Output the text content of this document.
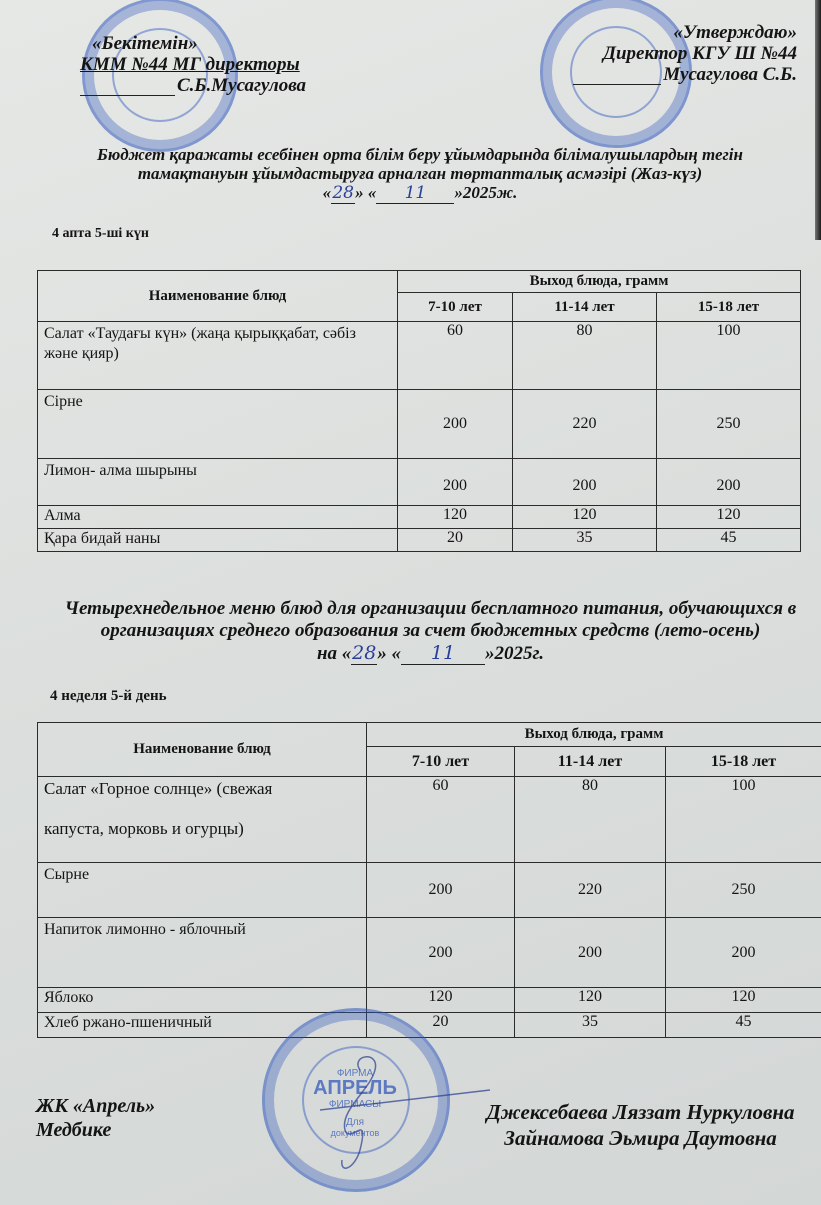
«Бекітемін»
КММ №44 МГ директоры
С.Б.Мусагулова
«Утверждаю»
Директор КГУ Ш №44
Мусагулова С.Б.
Бюджет қаражаты есебінен орта білім беру ұйымдарында білімалушылардың тегін
тамақтануын ұйымдастыруға арналған төртапталық асмәзірі (Жаз-күз)
«28» « 11 »2025ж.
4 апта 5-ші күн
Наименование блюд	Выход блюда, грамм		
	7-10 лет	11-14 лет	15-18 лет
Салат «Таудағы күн» (жаңа қырыққабат, сәбіз және қияр)	60	80	100
Сірне	200	220	250
Лимон- алма шырыны	200	200	200
Алма	120	120	120
Қара бидай наны	20	35	45
Четырехнедельное меню блюд для организации бесплатного питания, обучающихся в
организациях среднего образования за счет бюджетных средств (лето-осень)
на «28» « 11 »2025г.
4 неделя 5-й день
Наименование блюд	Выход блюда, грамм		
	7-10 лет	11-14 лет	15-18 лет

Салат «Горное солнце» (свежая
капуста, морковь и огурцы)	60	80	100
Сырне	200	220	250
Напиток лимонно - яблочный	200	200	200
Яблоко	120	120	120
Хлеб ржано-пшеничный	20	35	45
ФИРМА
АПРЕЛЬ
ФИРМАСЫ
Для
документов
ЖК «Апрель»
Медбике
Джексебаева Ляззат Нуркуловна
Зайнамова Эьмира Даутовна
